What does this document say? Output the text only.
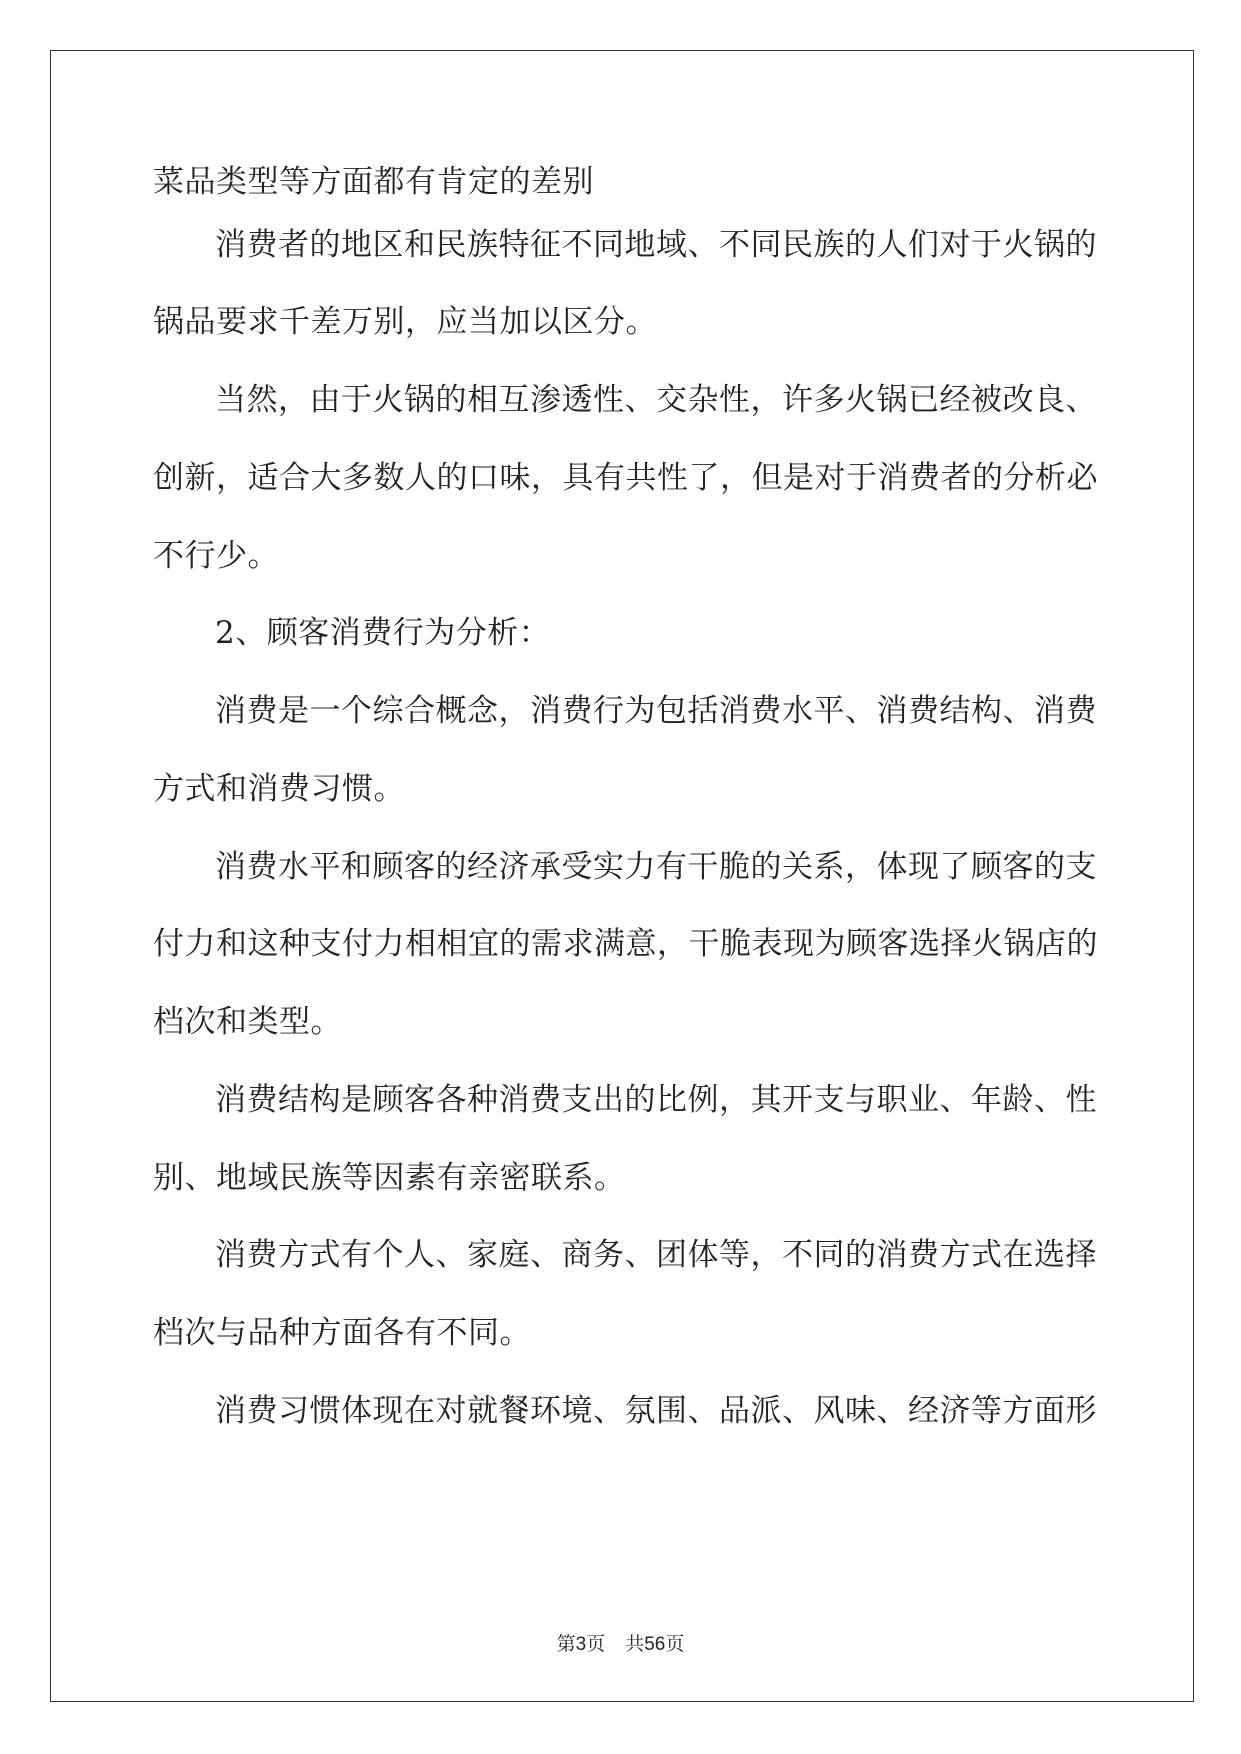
菜品类型等方面都有肯定的差别
消费者的地区和民族特征不同地域、不同民族的人们对于火锅的
锅品要求千差万别，应当加以区分。
当然，由于火锅的相互渗透性、交杂性，许多火锅已经被改良、
创新，适合大多数人的口味，具有共性了，但是对于消费者的分析必
不行少。
2、顾客消费行为分析：
消费是一个综合概念，消费行为包括消费水平、消费结构、消费
方式和消费习惯。
消费水平和顾客的经济承受实力有干脆的关系，体现了顾客的支
付力和这种支付力相相宜的需求满意，干脆表现为顾客选择火锅店的
档次和类型。
消费结构是顾客各种消费支出的比例，其开支与职业、年龄、性
别、地域民族等因素有亲密联系。
消费方式有个人、家庭、商务、团体等，不同的消费方式在选择
档次与品种方面各有不同。
消费习惯体现在对就餐环境、氛围、品派、风味、经济等方面形
第3页 共56页
